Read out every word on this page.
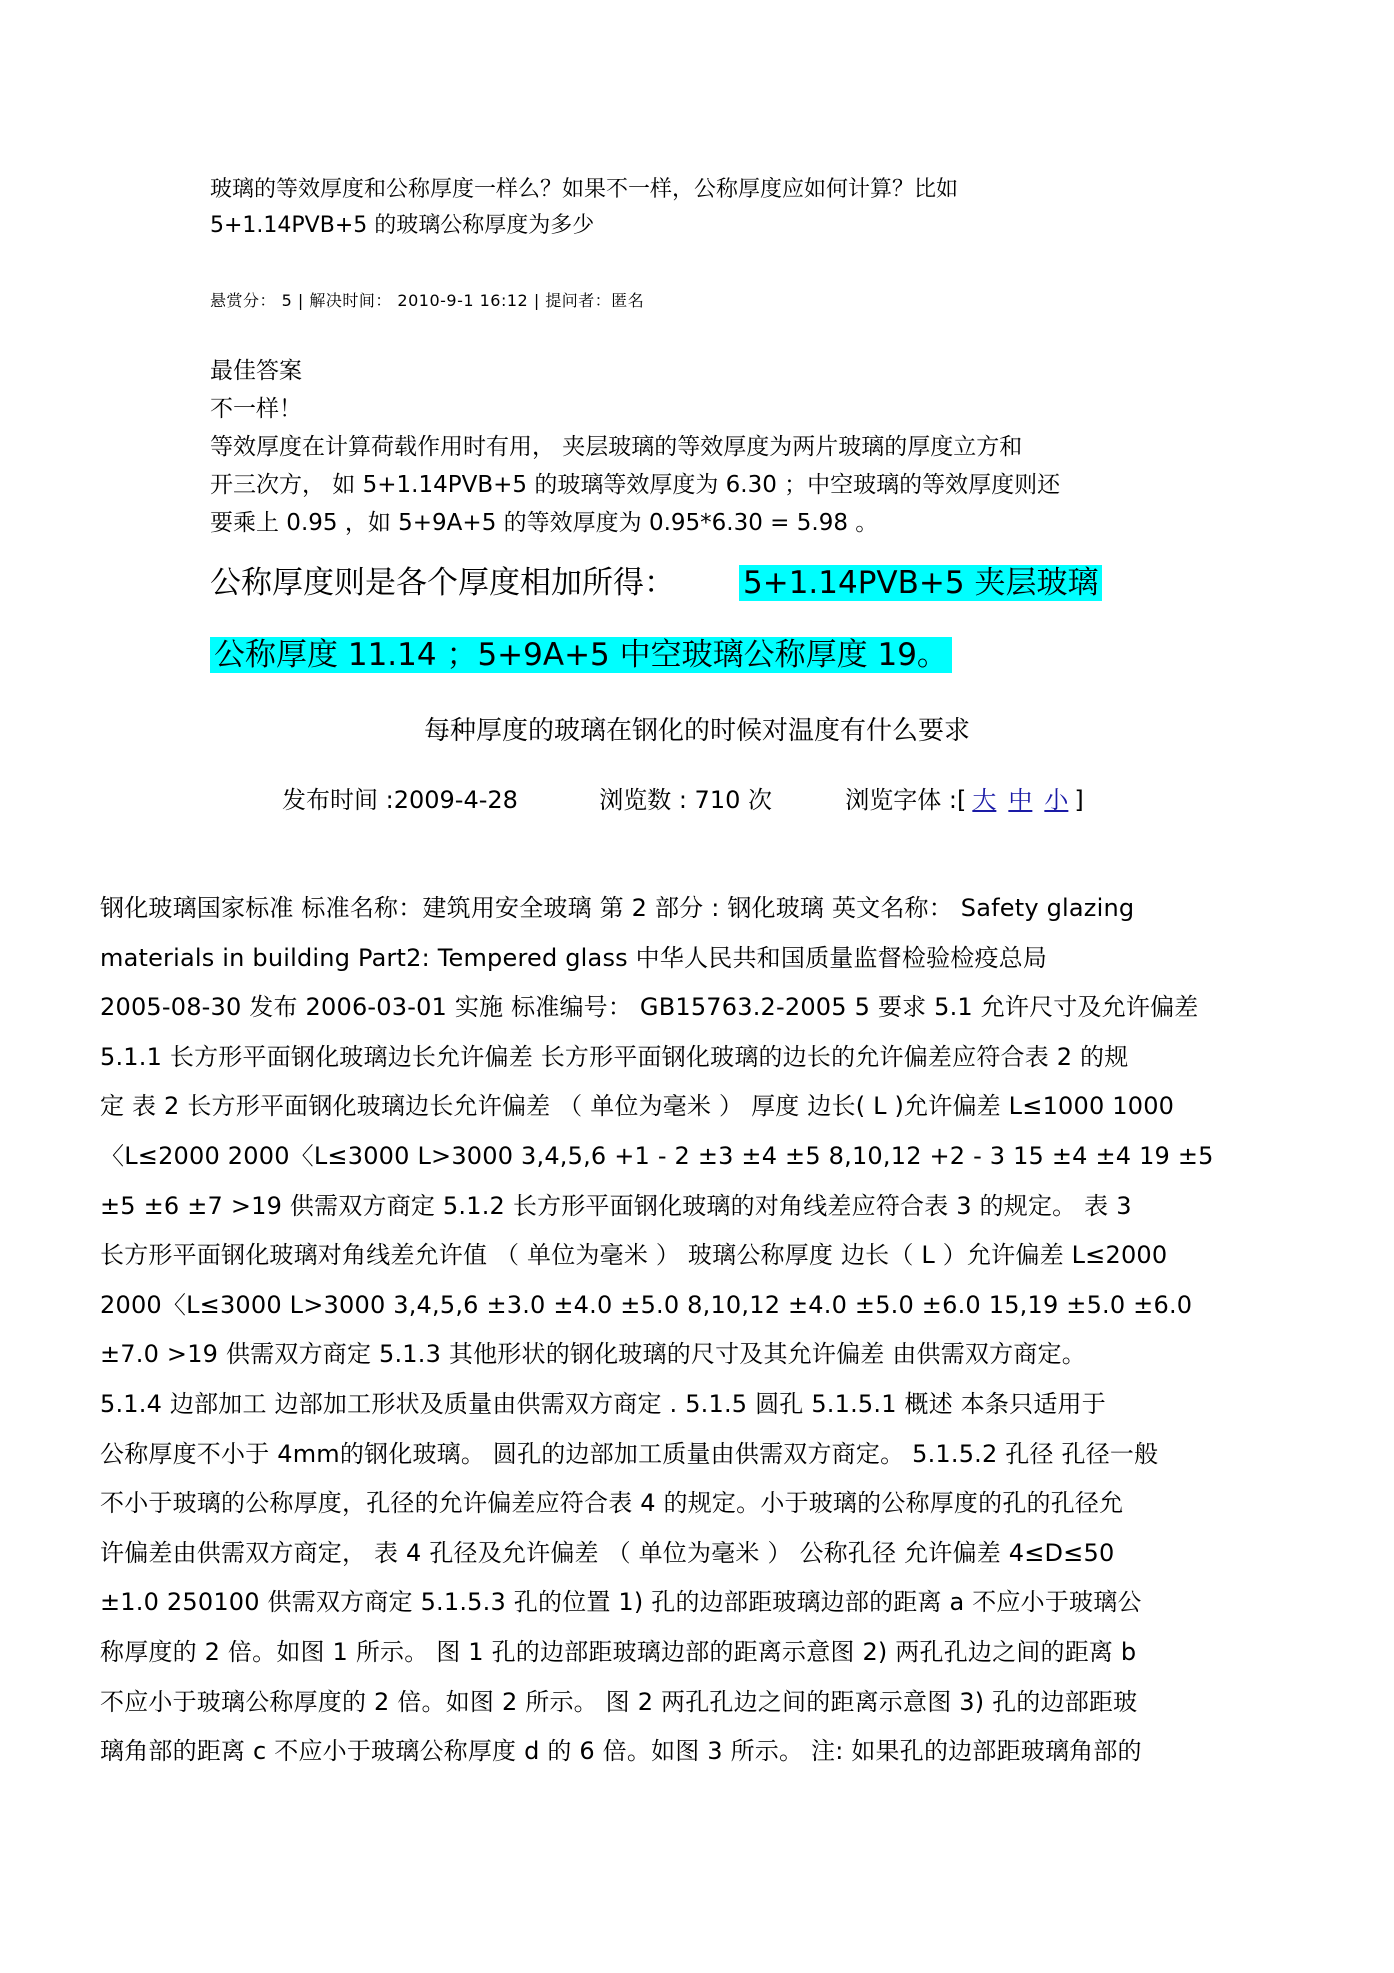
玻璃的等效厚度和公称厚度一样么？如果不一样，公称厚度应如何计算？比如
5+1.14PVB+5 的玻璃公称厚度为多少
悬赏分： 5 | 解决时间： 2010-9-1 16:12 | 提问者：匿名
最佳答案
不一样！
等效厚度在计算荷载作用时有用， 夹层玻璃的等效厚度为两片玻璃的厚度立方和
开三次方， 如 5+1.14PVB+5 的玻璃等效厚度为 6.30 ；中空玻璃的等效厚度则还
要乘上 0.95 ，如 5+9A+5 的等效厚度为 0.95*6.30 = 5.98 。
公称厚度则是各个厚度相加所得： 5+1.14PVB+5 夹层玻璃
公称厚度 11.14 ；5+9A+5 中空玻璃公称厚度 19。
每种厚度的玻璃在钢化的时候对温度有什么要求
发布时间 :2009-4-28	浏览数 : 710 次	浏览字体 :[ 大 中 小 ]

钢化玻璃国家标准 标准名称：建筑用安全玻璃 第 2 部分 : 钢化玻璃 英文名称： Safety glazing

materials in building Part2: Tempered glass 中华人民共和国质量监督检验检疫总局

2005-08-30 发布 2006-03-01 实施 标准编号： GB15763.2-2005 5 要求 5.1 允许尺寸及允许偏差

5.1.1 长方形平面钢化玻璃边长允许偏差 长方形平面钢化玻璃的边长的允许偏差应符合表 2 的规

定 表 2 长方形平面钢化玻璃边长允许偏差 （ 单位为毫米 ） 厚度 边长( L )允许偏差 L≤1000 1000

〈L≤2000 2000〈L≤3000 L>3000 3,4,5,6 +1 - 2 ±3 ±4 ±5 8,10,12 +2 - 3 15 ±4 ±4 19 ±5

±5 ±6 ±7 >19 供需双方商定 5.1.2 长方形平面钢化玻璃的对角线差应符合表 3 的规定。 表 3

长方形平面钢化玻璃对角线差允许值 （ 单位为毫米 ） 玻璃公称厚度 边长（ L ）允许偏差 L≤2000

2000〈L≤3000 L>3000 3,4,5,6 ±3.0 ±4.0 ±5.0 8,10,12 ±4.0 ±5.0 ±6.0 15,19 ±5.0 ±6.0

±7.0 >19 供需双方商定 5.1.3 其他形状的钢化玻璃的尺寸及其允许偏差 由供需双方商定。

5.1.4 边部加工 边部加工形状及质量由供需双方商定 . 5.1.5 圆孔 5.1.5.1 概述 本条只适用于

公称厚度不小于 4mm的钢化玻璃。 圆孔的边部加工质量由供需双方商定。 5.1.5.2 孔径 孔径一般

不小于玻璃的公称厚度，孔径的允许偏差应符合表 4 的规定。小于玻璃的公称厚度的孔的孔径允

许偏差由供需双方商定， 表 4 孔径及允许偏差 （ 单位为毫米 ） 公称孔径 允许偏差 4≤D≤50

±1.0 250100 供需双方商定 5.1.5.3 孔的位置 1) 孔的边部距玻璃边部的距离 a 不应小于玻璃公

称厚度的 2 倍。如图 1 所示。 图 1 孔的边部距玻璃边部的距离示意图 2) 两孔孔边之间的距离 b

不应小于玻璃公称厚度的 2 倍。如图 2 所示。 图 2 两孔孔边之间的距离示意图 3) 孔的边部距玻

璃角部的距离 c 不应小于玻璃公称厚度 d 的 6 倍。如图 3 所示。 注: 如果孔的边部距玻璃角部的
